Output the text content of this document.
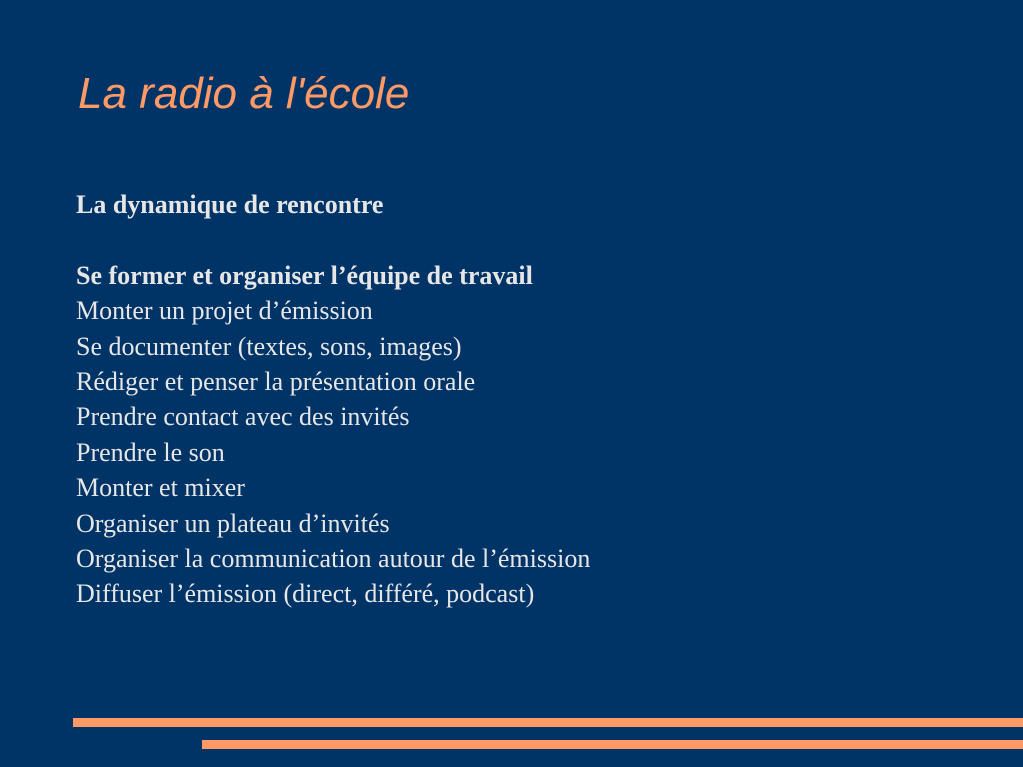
La radio à l'école
La dynamique de rencontre
Se former et organiser l’équipe de travail
Monter un projet d’émission
Se documenter (textes, sons, images)
Rédiger et penser la présentation orale
Prendre contact avec des invités
Prendre le son
Monter et mixer
Organiser un plateau d’invités
Organiser la communication autour de l’émission
Diffuser l’émission (direct, différé, podcast)
